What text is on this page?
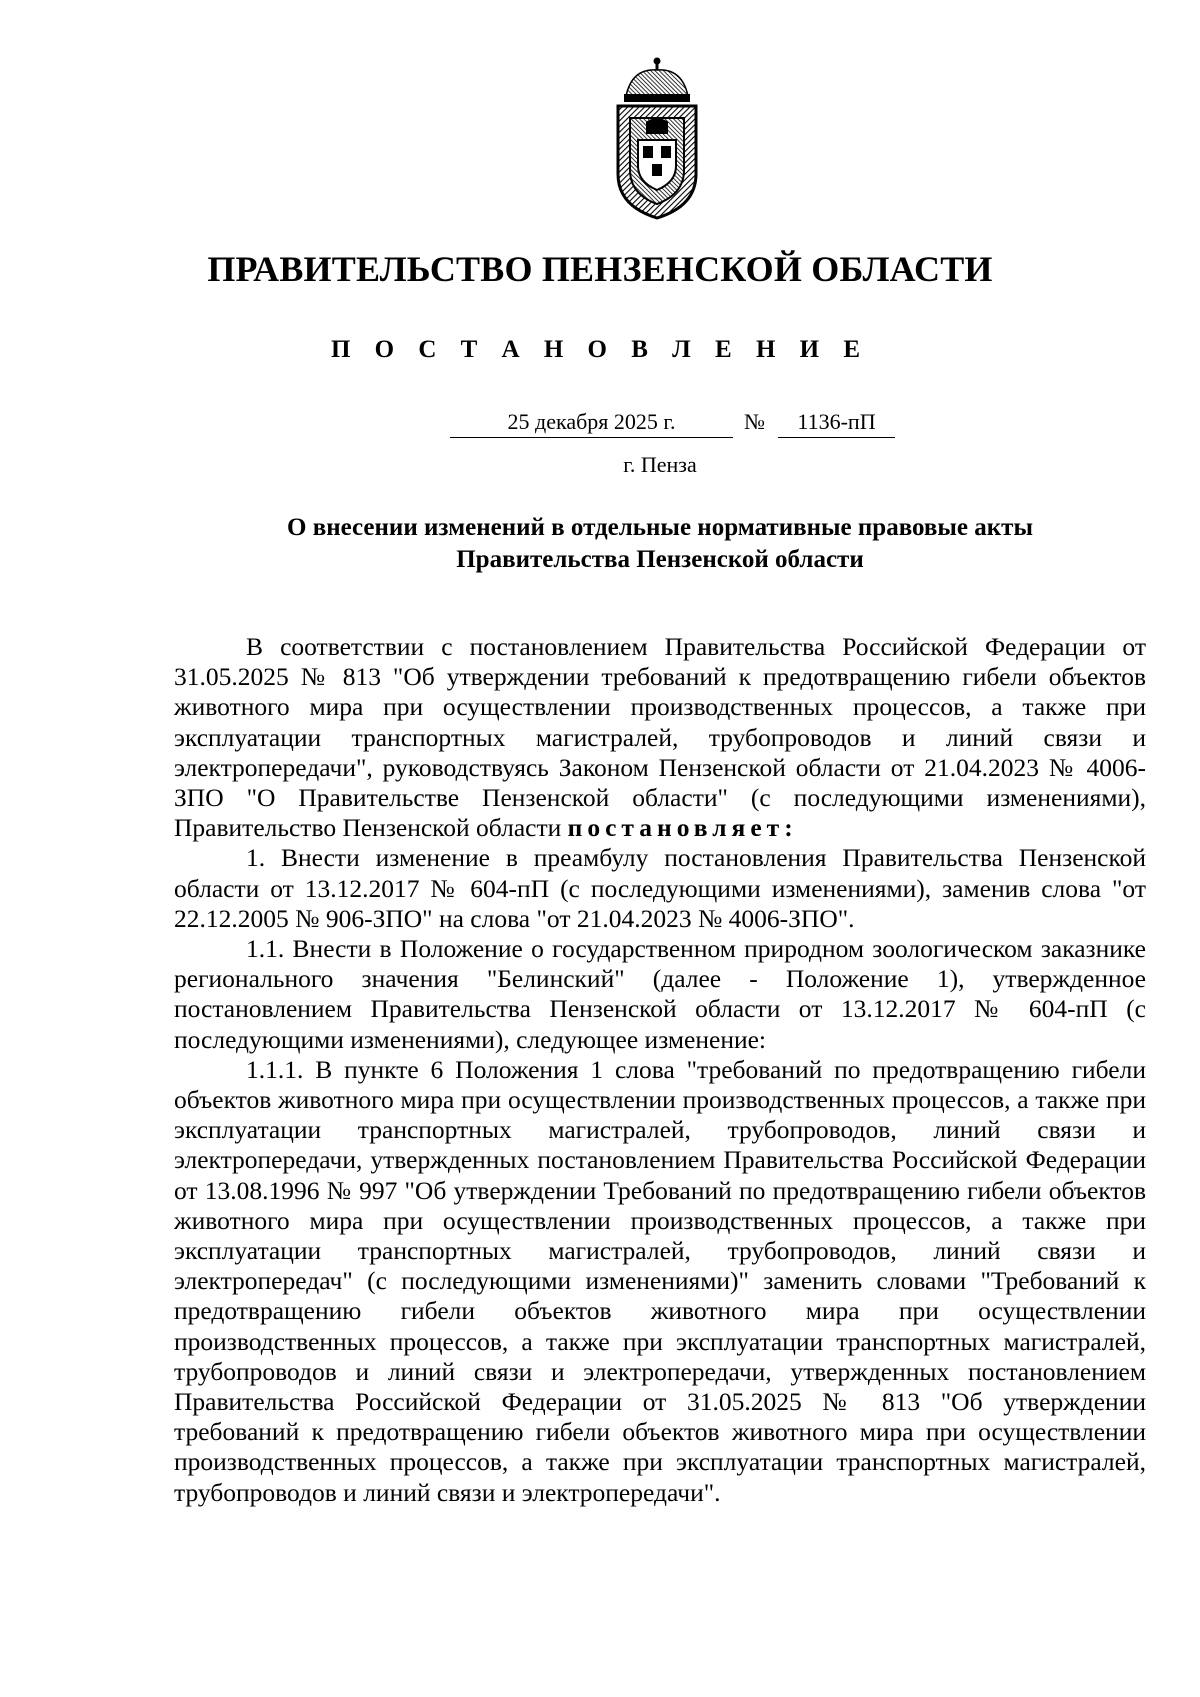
ПРАВИТЕЛЬСТВО ПЕНЗЕНСКОЙ ОБЛАСТИ
П О С Т А Н О В Л Е Н И Е
25 декабря 2025 г.	№	1136-пП
г. Пенза
О внесении изменений в отдельные нормативные правовые акты
Правительства Пензенской области

В соответствии с постановлением Правительства Российской Федерации от 31.05.2025 № 813 "Об утверждении требований к предотвращению гибели объектов животного мира при осуществлении производственных процессов, а также при эксплуатации транспортных магистралей, трубопроводов и линий связи и электропередачи", руководствуясь Законом Пензенской области от 21.04.2023 № 4006-ЗПО "О Правительстве Пензенской области" (с последующими изменениями), Правительство Пензенской области постановляет:

1. Внести изменение в преамбулу постановления Правительства Пензенской области от 13.12.2017 № 604-пП (с последующими изменениями), заменив слова "от 22.12.2005 № 906-ЗПО" на слова "от 21.04.2023 № 4006-ЗПО".

1.1. Внести в Положение о государственном природном зоологическом заказнике регионального значения "Белинский" (далее - Положение 1), утвержденное постановлением Правительства Пензенской области от 13.12.2017 № 604-пП (с последующими изменениями), следующее изменение:

1.1.1. В пункте 6 Положения 1 слова "требований по предотвращению гибели объектов животного мира при осуществлении производственных процессов, а также при эксплуатации транспортных магистралей, трубопроводов, линий связи и электропередачи, утвержденных постановлением Правительства Российской Федерации от 13.08.1996 № 997 "Об утверждении Требований по предотвращению гибели объектов животного мира при осуществлении производственных процессов, а также при эксплуатации транспортных магистралей, трубопроводов, линий связи и электропередач" (с последующими изменениями)" заменить словами "Требований к предотвращению гибели объектов животного мира при осуществлении производственных процессов, а также при эксплуатации транспортных магистралей, трубопроводов и линий связи и электропередачи, утвержденных постановлением Правительства Российской Федерации от 31.05.2025 № 813 "Об утверждении требований к предотвращению гибели объектов животного мира при осуществлении производственных процессов, а также при эксплуатации транспортных магистралей, трубопроводов и линий связи и электропередачи".
